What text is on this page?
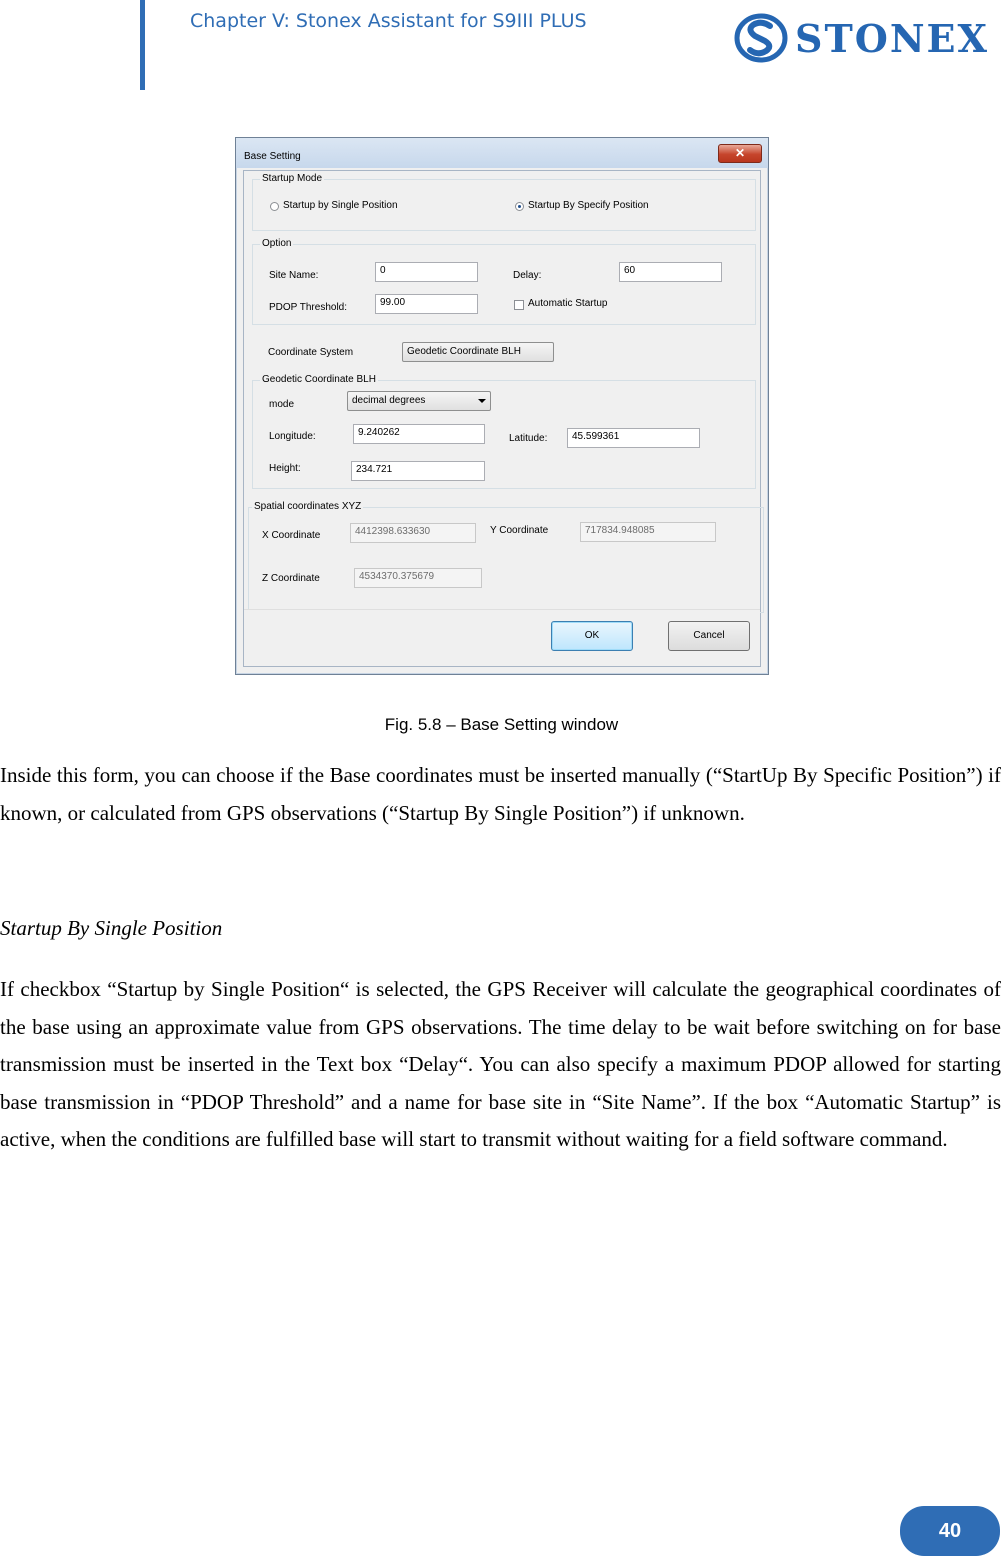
Chapter V: Stonex Assistant for S9III PLUS	STONEX
Base Setting	✕
Startup Mode
Startup by Single Position	Startup By Specify Position
Option
Site Name:	0	Delay:	60
PDOP Threshold:	99.00	Automatic Startup
Coordinate System	Geodetic Coordinate BLH
Geodetic Coordinate BLH
mode	decimal degrees
Longitude:	9.240262
Latitude:	45.599361
Height:	234.721
Spatial coordinates XYZ
X Coordinate	4412398.633630	Y Coordinate	717834.948085
Z Coordinate	4534370.375679
OK	Cancel
Fig. 5.8 – Base Setting window
Inside this form, you can choose if the Base coordinates must be inserted manually (“StartUp By Specific Position”) if known, or calculated from GPS observations (“Startup By Single Position”) if unknown.
Startup By Single Position
If checkbox “Startup by Single Position“ is selected, the GPS Receiver will calculate the geographical coordinates of the base using an approximate value from GPS observations. The time delay to be wait before switching on for base transmission must be inserted in the Text box “Delay“. You can also specify a maximum PDOP allowed for starting base transmission in “PDOP Threshold” and a name for base site in “Site Name”. If the box “Automatic Startup” is active, when the conditions are fulfilled base will start to transmit without waiting for a field software command.
40
